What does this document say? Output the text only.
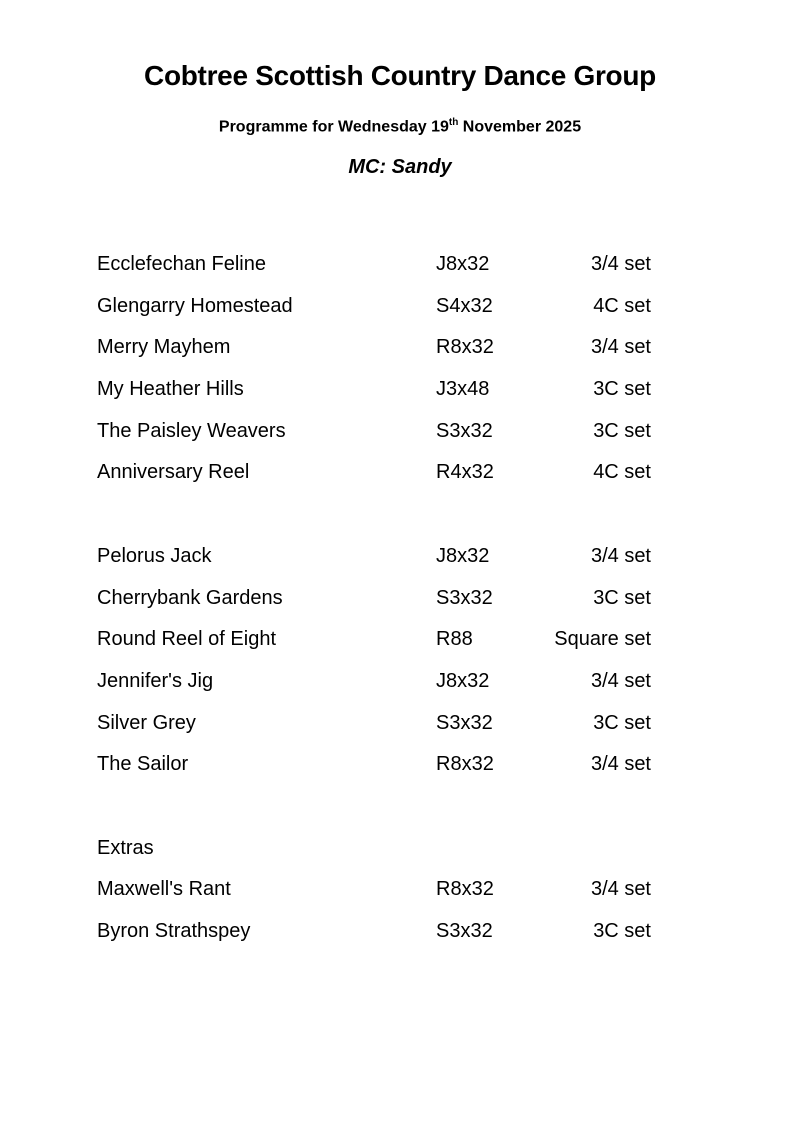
Cobtree Scottish Country Dance Group
Programme for Wednesday 19th November 2025
MC: Sandy
Ecclefechan Feline	J8x32	3/4 set
Glengarry Homestead	S4x32	4C set
Merry Mayhem	R8x32	3/4 set
My Heather Hills	J3x48	3C set
The Paisley Weavers	S3x32	3C set
Anniversary Reel	R4x32	4C set
Pelorus Jack	J8x32	3/4 set
Cherrybank Gardens	S3x32	3C set
Round Reel of Eight	R88	Square set
Jennifer's Jig	J8x32	3/4 set
Silver Grey	S3x32	3C set
The Sailor	R8x32	3/4 set
Extras
Maxwell's Rant	R8x32	3/4 set
Byron Strathspey	S3x32	3C set
